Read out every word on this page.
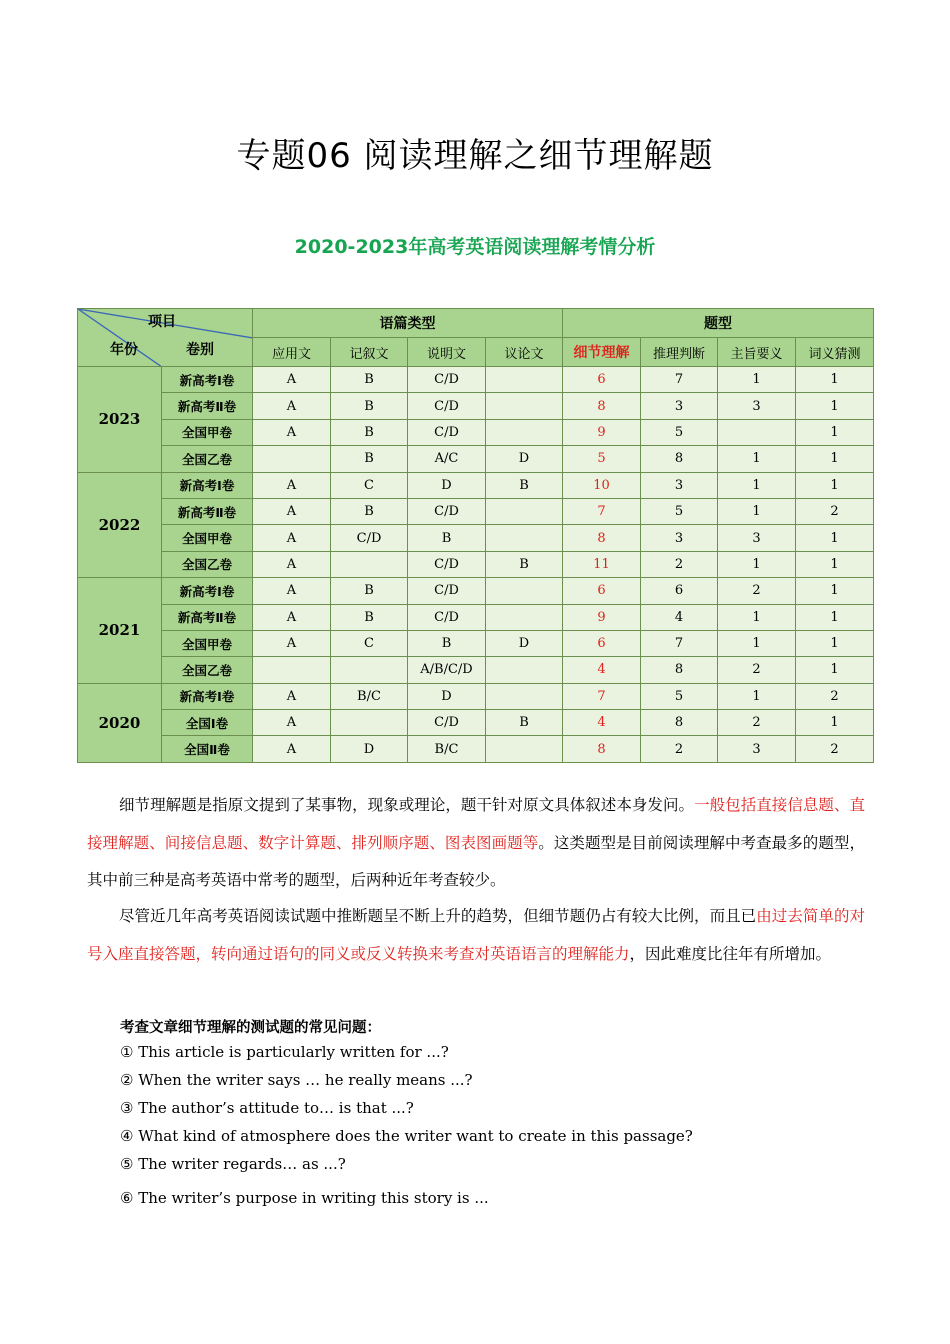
专题06 阅读理解之细节理解题
2020-2023年高考英语阅读理解考情分析
项目
年份 卷别		语篇类型				题型			
		应用文	记叙文	说明文	议论文	细节理解	推理判断	主旨要义	词义猜测
2023	新高考Ⅰ卷	A	B	C/D		6	7	1	1
	新高考Ⅱ卷	A	B	C/D		8	3	3	1
	全国甲卷	A	B	C/D		9	5		1
	全国乙卷		B	A/C	D	5	8	1	1
2022	新高考Ⅰ卷	A	C	D	B	10	3	1	1
	新高考Ⅱ卷	A	B	C/D		7	5	1	2
	全国甲卷	A	C/D	B		8	3	3	1
	全国乙卷	A		C/D	B	11	2	1	1
2021	新高考Ⅰ卷	A	B	C/D		6	6	2	1
	新高考Ⅱ卷	A	B	C/D		9	4	1	1
	全国甲卷	A	C	B	D	6	7	1	1
	全国乙卷			A/B/C/D		4	8	2	1
2020	新高考Ⅰ卷	A	B/C	D		7	5	1	2
	全国Ⅰ卷	A		C/D	B	4	8	2	1
	全国Ⅱ卷	A	D	B/C		8	2	3	2
细节理解题是指原文提到了某事物，现象或理论，题干针对原文具体叙述本身发问。一般包括直接信息题、直接理解题、间接信息题、数字计算题、排列顺序题、图表图画题等。这类题型是目前阅读理解中考查最多的题型，其中前三种是高考英语中常考的题型，后两种近年考查较少。
尽管近几年高考英语阅读试题中推断题呈不断上升的趋势，但细节题仍占有较大比例，而且已由过去简单的对号入座直接答题，转向通过语句的同义或反义转换来考查对英语语言的理解能力，因此难度比往年有所增加。
考查文章细节理解的测试题的常见问题：
① This article is particularly written for ...?
② When the writer says … he really means ...?
③ The author’s attitude to… is that ...?
④ What kind of atmosphere does the writer want to create in this passage?
⑤ The writer regards… as ...?
⑥ The writer’s purpose in writing this story is ...
